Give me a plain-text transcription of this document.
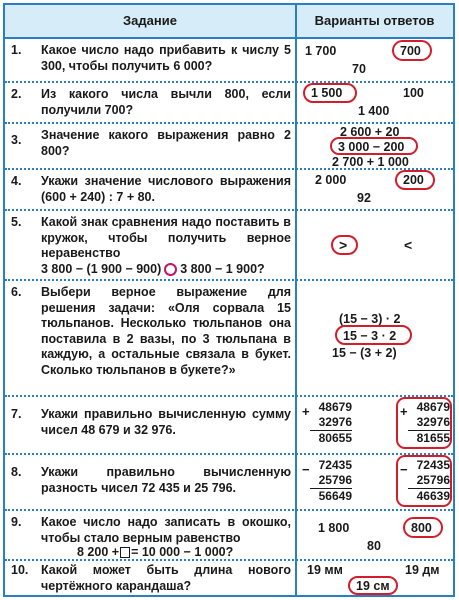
Задание	Варианты ответов
1. Какое число надо прибавить к числу 5 300, чтобы получить 6 000?
1 700	700
70
2. Из какого числа вычли 800, если получили 700?
1 500	100
1 400
3. Значение какого выражения равно 2 800?
2 600 + 20
3 000 − 200
2 700 + 1 000
4. Укажи значение числового выражения (600 + 240) : 7 + 80.
2 000	200
92
5. Какой знак сравнения надо поставить в кружок, чтобы получить верное неравенство
3 800 − (1 900 − 900) 3 800 − 1 900?
>	<
6. Выбери верное выражение для решения задачи: «Оля сорвала 15 тюльпанов. Несколько тюльпанов она поставила в 2 вазы, по 3 тюльпана в каждую, а остальные связала в букет. Сколько тюльпанов в букете?»
(15 − 3) · 2
15 − 3 · 2
15 − (3 + 2)
7. Укажи правильно вычисленную сумму чисел 48 679 и 32 976.
+ 48679
32976
80655
+ 48679
32976
81655
8. Укажи правильно вычисленную разность чисел 72 435 и 25 796.
− 72435
25796
56649
− 72435
25796
46639
9. Какое число надо записать в окошко, чтобы стало верным равенство
8 200 + = 10 000 − 1 000?
1 800	800
80
10. Какой может быть длина нового чертёжного карандаша?
19 мм	19 дм
19 см
